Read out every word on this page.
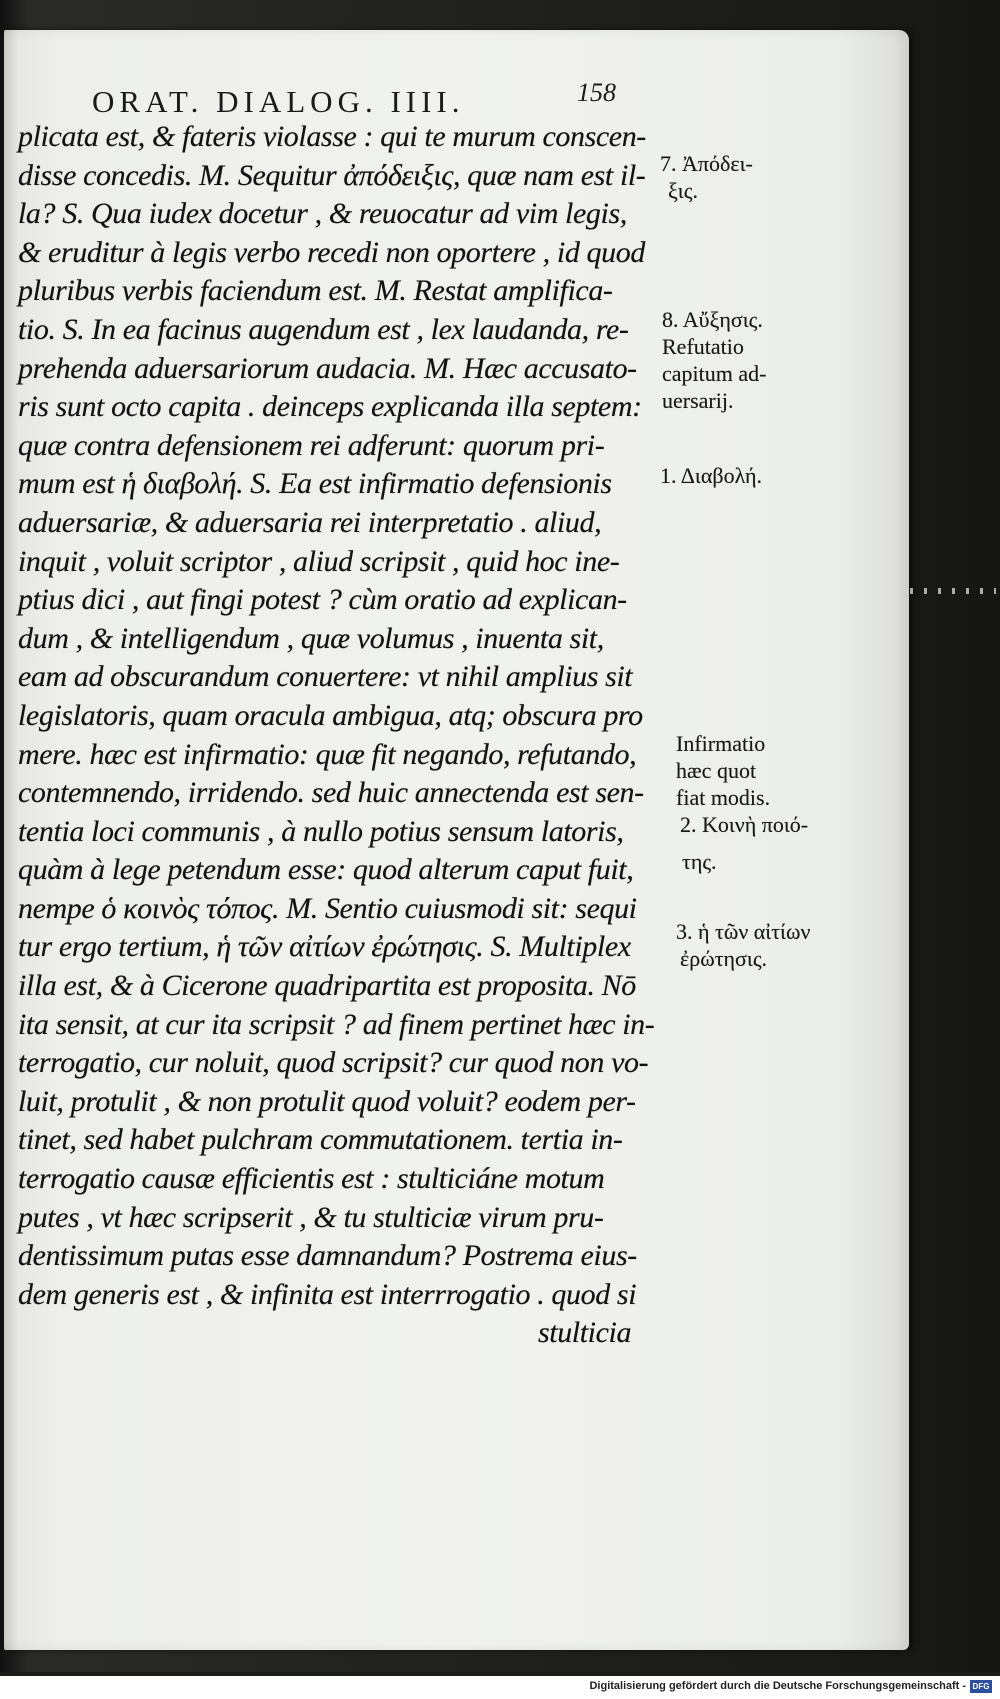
ORAT. DIALOG. IIII.	158
plicata est, & fateris violasse : qui te murum conscen-
disse concedis. M. Sequitur ἀπόδειξις, quæ nam est il-
la? S. Qua iudex docetur , & reuocatur ad vim legis,
& eruditur à legis verbo recedi non oportere , id quod
pluribus verbis faciendum est. M. Restat amplifica-
tio. S. In ea facinus augendum est , lex laudanda, re-
prehenda aduersariorum audacia. M. Hæc accusato-
ris sunt octo capita . deinceps explicanda illa septem:
quæ contra defensionem rei adferunt: quorum pri-
mum est ἡ διαβολή. S. Ea est infirmatio defensionis
aduersariæ, & aduersaria rei interpretatio . aliud,
inquit , voluit scriptor , aliud scripsit , quid hoc ine-
ptius dici , aut fingi potest ? cùm oratio ad explican-
dum , & intelligendum , quæ volumus , inuenta sit,
eam ad obscurandum conuertere: vt nihil amplius sit
legislatoris, quam oracula ambigua, atq; obscura pro
mere. hæc est infirmatio: quæ fit negando, refutando,
contemnendo, irridendo. sed huic annectenda est sen-
tentia loci communis , à nullo potius sensum latoris,
quàm à lege petendum esse: quod alterum caput fuit,
nempe ὁ κοινὸς τόπος. M. Sentio cuiusmodi sit: sequi
tur ergo tertium, ἡ τῶν αἰτίων ἐρώτησις. S. Multiplex
illa est, & à Cicerone quadripartita est proposita. Nō
ita sensit, at cur ita scripsit ? ad finem pertinet hæc in-
terrogatio, cur noluit, quod scripsit? cur quod non vo-
luit, protulit , & non protulit quod voluit? eodem per-
tinet, sed habet pulchram commutationem. tertia in-
terrogatio causæ efficientis est : stulticiáne motum
putes , vt hæc scripserit , & tu stulticiæ virum pru-
dentissimum putas esse damnandum? Postrema eius-
dem generis est , & infinita est interrrogatio . quod si
stulticia
7. Ἀπόδει-
ξις.
8. Αὔξησις.
Refutatio
capitum ad-
uersarij.
1. Διαβολή.
Infirmatio
hæc quot
fiat modis.
2. Κοινὴ ποιό-
της.
3. ἡ τῶν αἰτίων
ἐρώτησις.
Digitalisierung gefördert durch die Deutsche Forschungsgemeinschaft - DFG
